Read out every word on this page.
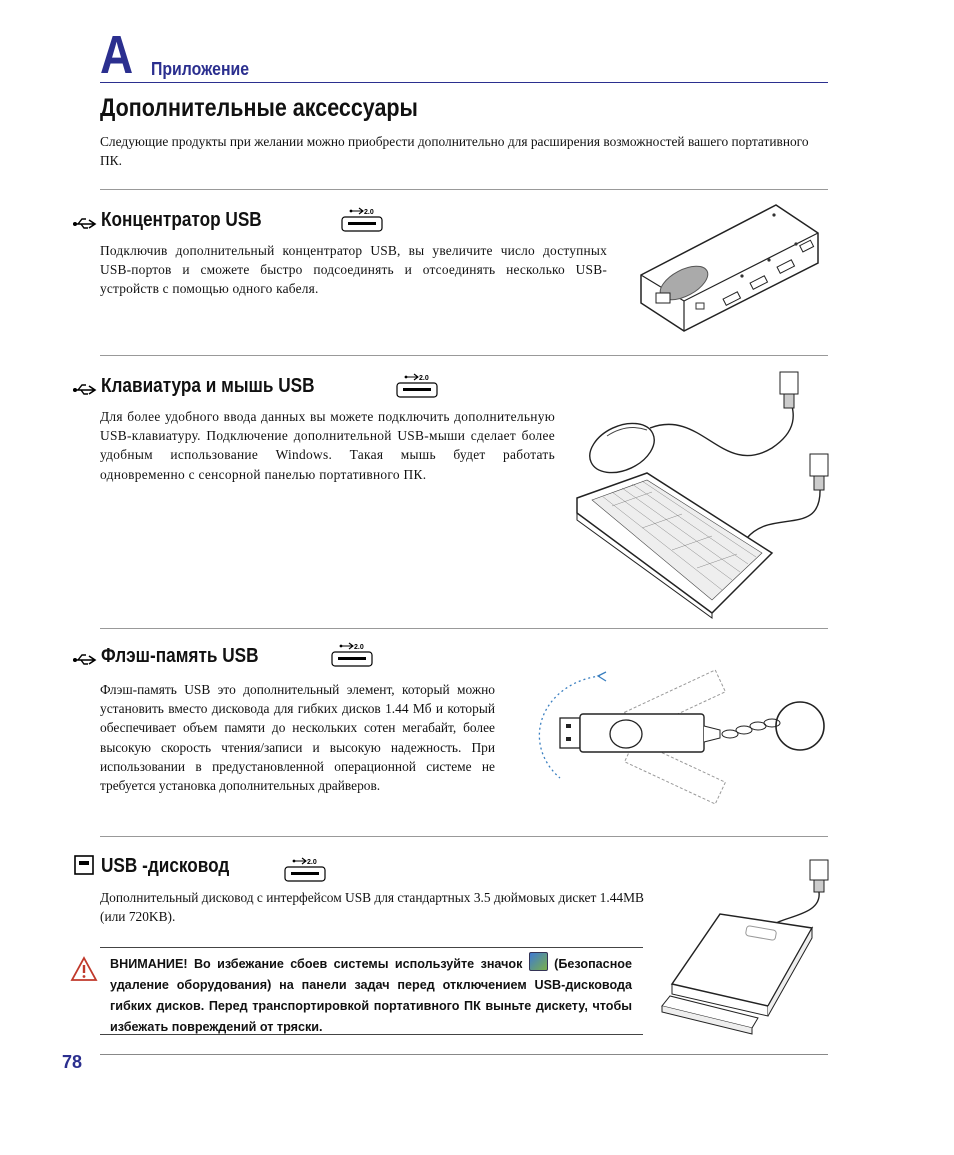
A Приложение
Дополнительные аксессуары
Следующие продукты при желании можно приобрести дополнительно для расширения возможностей вашего портативного ПК.
Концентратор USB	2.0
Подключив дополнительный концентратор USB, вы увеличите число доступных USB-портов и сможете быстро подсоединять и отсоединять несколько USB-устройств с помощью одного кабеля.
Клавиатура и мышь USB	2.0
Для более удобного ввода данных вы можете подключить дополнительную USB-клавиатуру. Подключение дополнительной USB-мыши сделает более удобным использование Windows. Такая мышь будет работать одновременно с сенсорной панелью портативного ПК.
Флэш-память USB	2.0
Флэш-память USB это дополнительный элемент, который можно установить вместо дисковода для гибких дисков 1.44 Мб и который обеспечивает объем памяти до нескольких сотен мегабайт, более высокую скорость чтения/записи и высокую надежность. При использовании в предустановленной операционной системе не требуется установка дополнительных драйверов.
USB -дисковод	2.0
Дополнительный дисковод с интерфейсом USB для стандартных 3.5 дюймовых дискет 1.44MB (или 720KB).
ВНИМАНИЕ! Во избежание сбоев системы используйте значок  (Безопасное удаление оборудования) на панели задач перед отключением USB-дисковода гибких дисков. Перед транспортировкой портативного ПК выньте дискету, чтобы избежать повреждений от тряски.
78
